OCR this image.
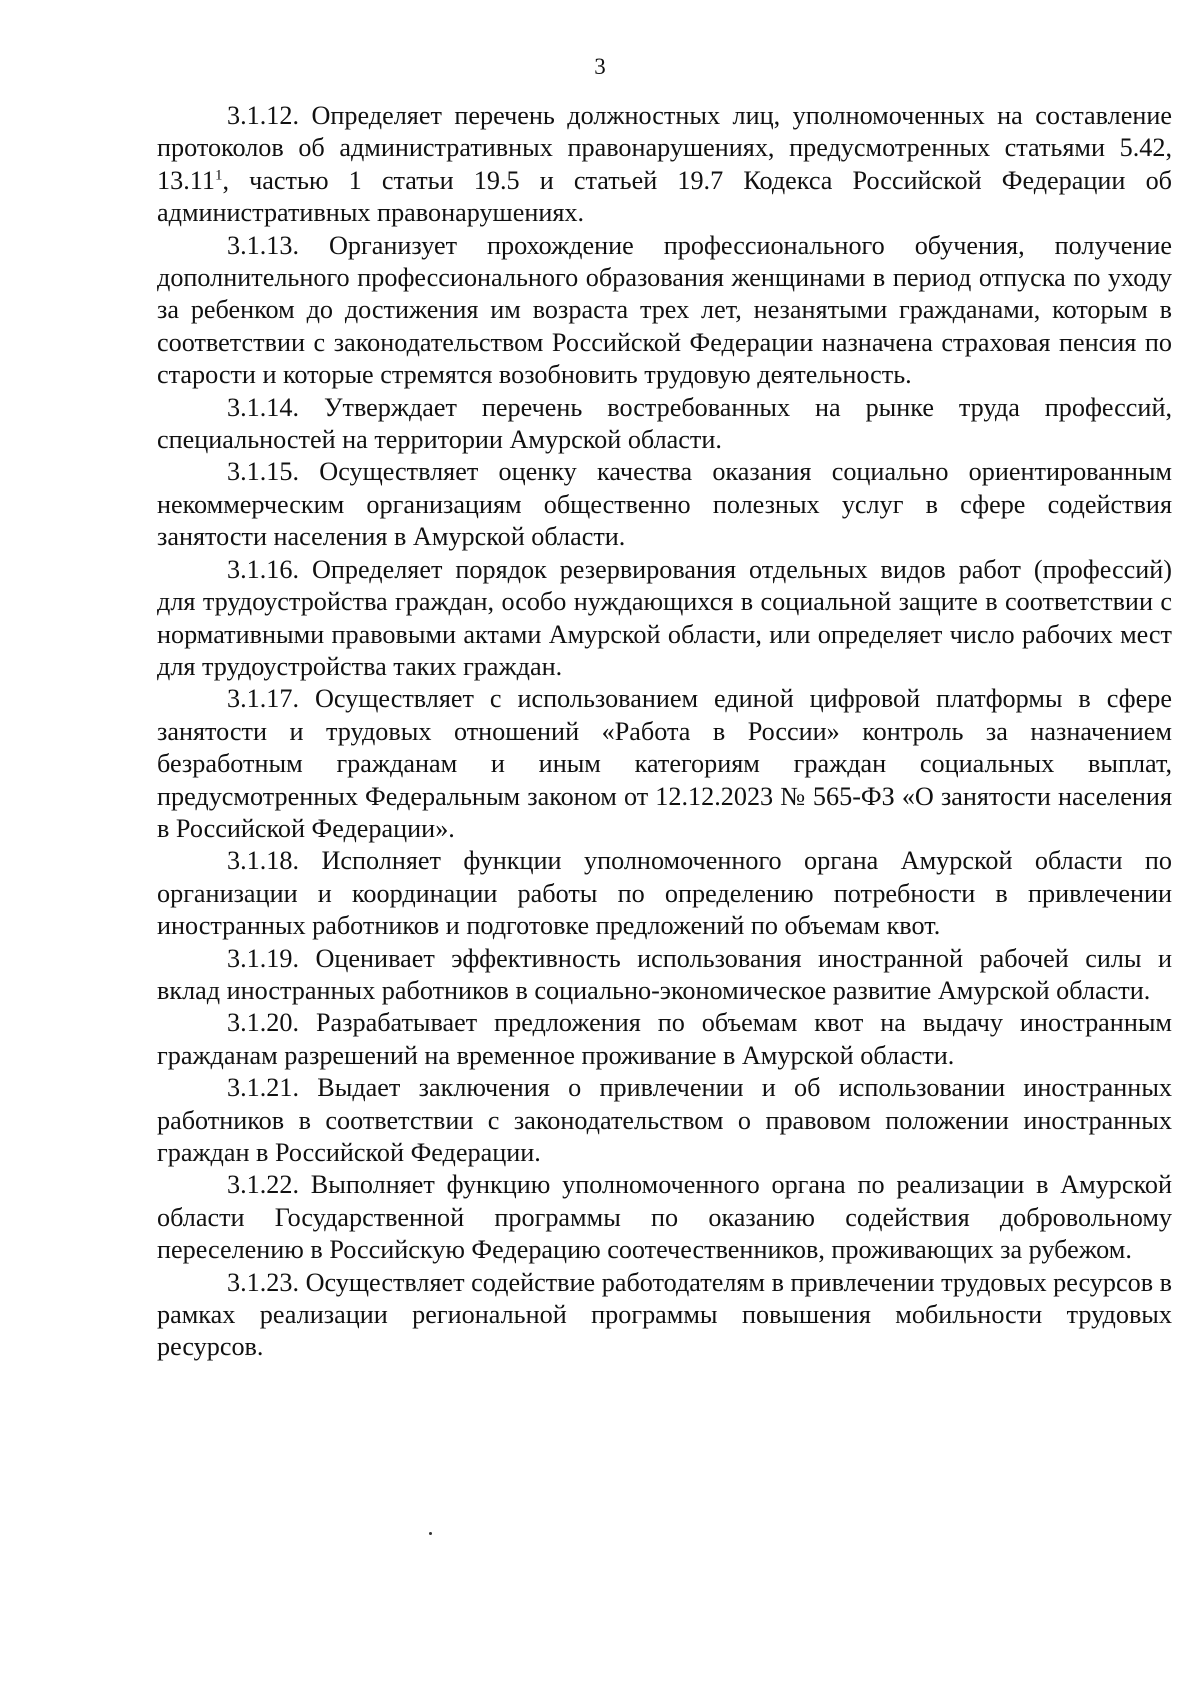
3

3.1.12. Определяет перечень должностных лиц, уполномоченных на составление протоколов об административных правонарушениях, предусмотренных статьями 5.42, 13.11$^1$, частью 1 статьи 19.5 и статьей 19.7 Кодекса Российской Федерации об административных правонарушениях.

3.1.13. Организует прохождение профессионального обучения, получение дополнительного профессионального образования женщинами в период отпуска по уходу за ребенком до достижения им возраста трех лет, незанятыми гражданами, которым в соответствии с законодательством Российской Федерации назначена страховая пенсия по старости и которые стремятся возобновить трудовую деятельность.

3.1.14. Утверждает перечень востребованных на рынке труда профессий, специальностей на территории Амурской области.

3.1.15. Осуществляет оценку качества оказания социально ориентированным некоммерческим организациям общественно полезных услуг в сфере содействия занятости населения в Амурской области.

3.1.16. Определяет порядок резервирования отдельных видов работ (профессий) для трудоустройства граждан, особо нуждающихся в социальной защите в соответствии с нормативными правовыми актами Амурской области, или определяет число рабочих мест для трудоустройства таких граждан.

3.1.17. Осуществляет с использованием единой цифровой платформы в сфере занятости и трудовых отношений «Работа в России» контроль за назначением безработным гражданам и иным категориям граждан социальных выплат, предусмотренных Федеральным законом от 12.12.2023 № 565-ФЗ «О занятости населения в Российской Федерации».

3.1.18. Исполняет функции уполномоченного органа Амурской области по организации и координации работы по определению потребности в привлечении иностранных работников и подготовке предложений по объемам квот.

3.1.19. Оценивает эффективность использования иностранной рабочей силы и вклад иностранных работников в социально-экономическое развитие Амурской области.

3.1.20. Разрабатывает предложения по объемам квот на выдачу иностранным гражданам разрешений на временное проживание в Амурской области.

3.1.21. Выдает заключения о привлечении и об использовании иностранных работников в соответствии с законодательством о правовом положении иностранных граждан в Российской Федерации.

3.1.22. Выполняет функцию уполномоченного органа по реализации в Амурской области Государственной программы по оказанию содействия добровольному переселению в Российскую Федерацию соотечественников, проживающих за рубежом.

3.1.23. Осуществляет содействие работодателям в привлечении трудовых ресурсов в рамках реализации региональной программы повышения мобильности трудовых ресурсов.
